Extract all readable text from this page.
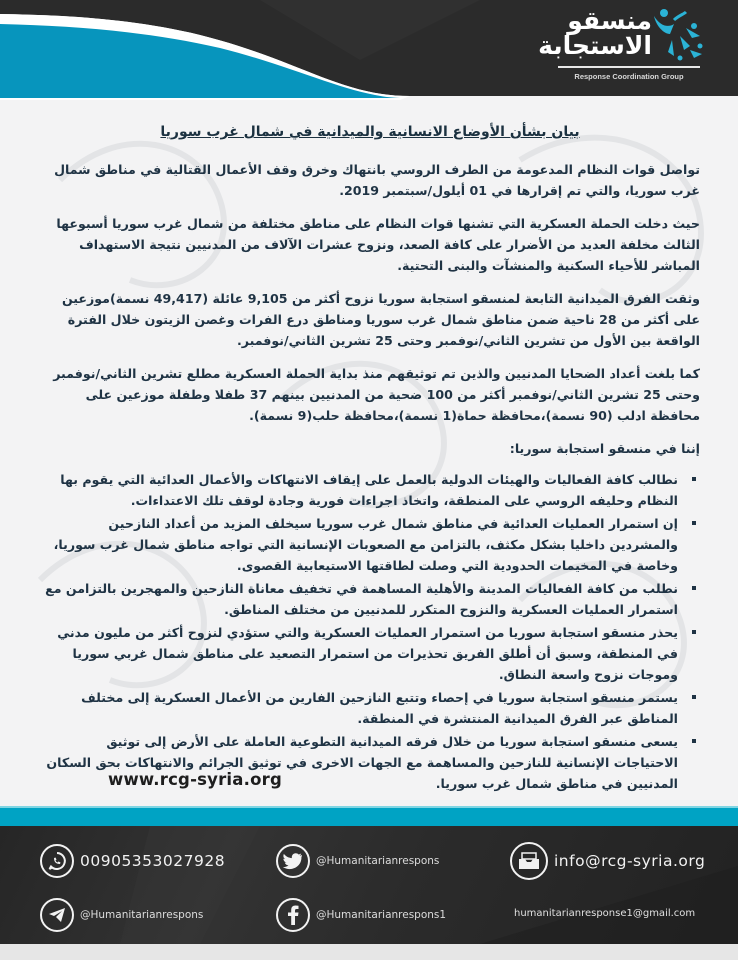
منسقو
الاستجابة
Response Coordination Group
بيان بشأن الأوضاع الانسانية والميدانية في شمال غرب سوريا

تواصل قوات النظام المدعومة من الطرف الروسي بانتهاك وخرق وقف الأعمال القتالية في مناطق شمال غرب سوريا، والتي تم إقرارها في 01 أيلول/سبتمبر 2019.

حيث دخلت الحملة العسكرية التي تشنها قوات النظام على مناطق مختلفة من شمال غرب سوريا أسبوعها الثالث مخلفة العديد من الأضرار على كافة الصعد، ونزوح عشرات الآلاف من المدنيين نتيجة الاستهداف المباشر للأحياء السكنية والمنشآت والبنى التحتية.

وثقت الفرق الميدانية التابعة لمنسقو استجابة سوريا نزوح أكثر من 9,105 عائلة (49,417 نسمة)موزعين على أكثر من 28 ناحية ضمن مناطق شمال غرب سوريا ومناطق درع الفرات وغصن الزيتون خلال الفترة الواقعة بين الأول من تشرين الثاني/نوفمبر وحتى 25 تشرين الثاني/نوفمبر.

كما بلغت أعداد الضحايا المدنيين والذين تم توثيقهم منذ بداية الحملة العسكرية مطلع تشرين الثاني/نوفمبر وحتى 25 تشرين الثاني/نوفمبر أكثر من 100 ضحية من المدنيين بينهم 37 طفلا وطفلة موزعين على محافظة ادلب (90 نسمة)،محافظة حماة(1 نسمة)،محافظة حلب(9 نسمة).

إننا في منسقو استجابة سوريا:

نطالب كافة الفعاليات والهيئات الدولية بالعمل على إيقاف الانتهاكات والأعمال العدائية التي يقوم بها النظام وحليفه الروسي على المنطقة، واتخاذ اجراءات فورية وجادة لوقف تلك الاعتداءات.
إن استمرار العمليات العدائية في مناطق شمال غرب سوريا سيخلف المزيد من أعداد النازحين والمشردين داخليا بشكل مكثف، بالتزامن مع الصعوبات الإنسانية التي تواجه مناطق شمال غرب سوريا، وخاصة في المخيمات الحدودية التي وصلت لطاقتها الاستيعابية القصوى.
نطلب من كافة الفعاليات المدينة والأهلية المساهمة في تخفيف معاناة النازحين والمهجرين بالتزامن مع استمرار العمليات العسكرية والنزوح المتكرر للمدنيين من مختلف المناطق.
يحذر منسقو استجابة سوريا من استمرار العمليات العسكرية والتي ستؤدي لنزوح أكثر من مليون مدني في المنطقة، وسبق أن أطلق الفريق تحذيرات من استمرار التصعيد على مناطق شمال غربي سوريا وموجات نزوح واسعة النطاق.
يستمر منسقو استجابة سوريا في إحصاء وتتبع النازحين الفارين من الأعمال العسكرية إلى مختلف المناطق عبر الفرق الميدانية المنتشرة في المنطقة.
يسعى منسقو استجابة سوريا من خلال فرقه الميدانية التطوعية العاملة على الأرض إلى توثيق الاحتياجات الإنسانية للنازحين والمساهمة مع الجهات الاخرى في توثيق الجرائم والانتهاكات بحق السكان المدنيين في مناطق شمال غرب سوريا.
www.rcg-syria.org
00905353027928	@Humanitarianrespons	info@rcg-syria.org
@Humanitarianrespons	@Humanitarianrespons1	humanitarianresponse1@gmail.com
